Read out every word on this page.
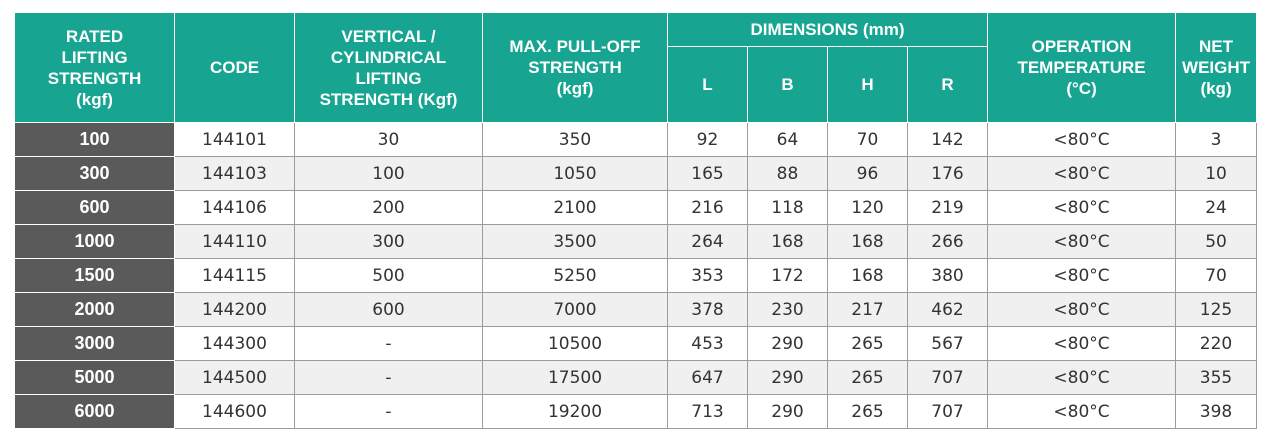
RATED
LIFTING
STRENGTH
(kgf)	CODE	VERTICAL /
CYLINDRICAL
LIFTING
STRENGTH (Kgf)	MAX. PULL-OFF
STRENGTH
(kgf)	DIMENSIONS (mm)				OPERATION
TEMPERATURE
(°C)	NET
WEIGHT
(kg)
				L	B	H	R		
100	144101	30	350	92	64	70	142	<80°C	3
300	144103	100	1050	165	88	96	176	<80°C	10
600	144106	200	2100	216	118	120	219	<80°C	24
1000	144110	300	3500	264	168	168	266	<80°C	50
1500	144115	500	5250	353	172	168	380	<80°C	70
2000	144200	600	7000	378	230	217	462	<80°C	125
3000	144300	-	10500	453	290	265	567	<80°C	220
5000	144500	-	17500	647	290	265	707	<80°C	355
6000	144600	-	19200	713	290	265	707	<80°C	398
